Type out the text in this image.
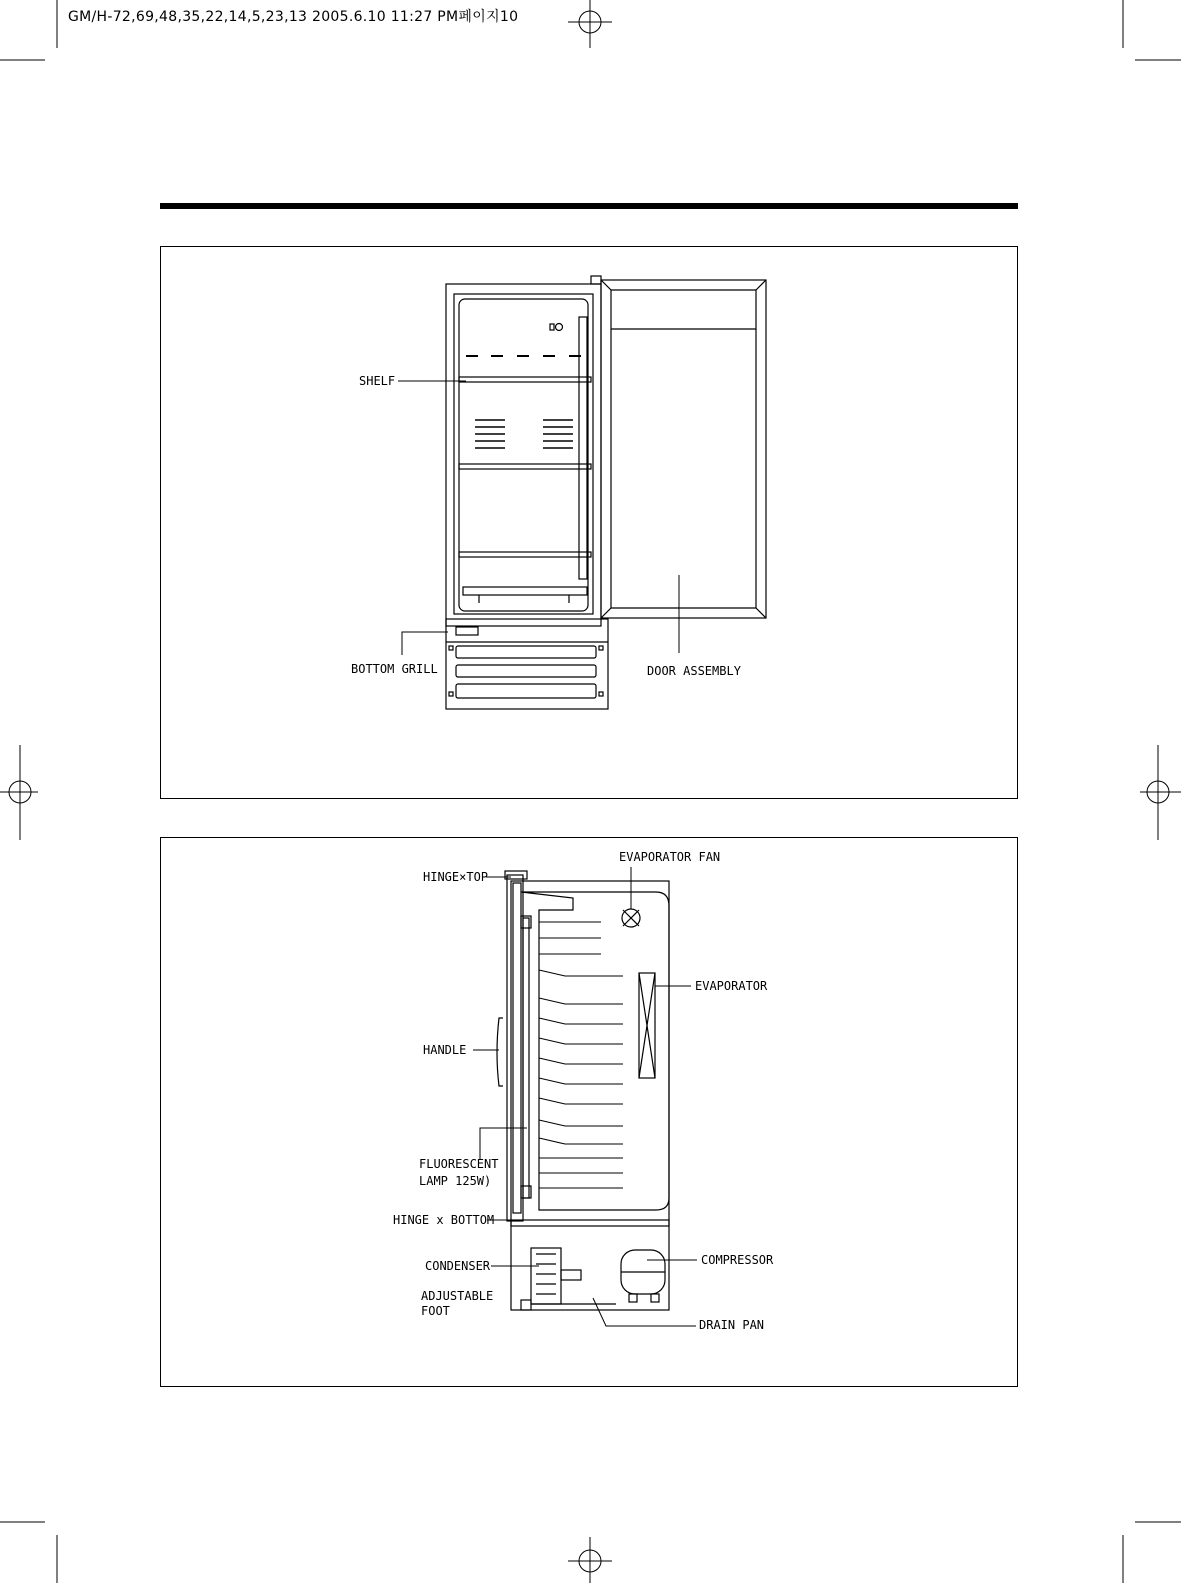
GM/H-72,69,48,35,22,14,5,23,13 2005.6.10 11:27 PM페이지10
SHELF
BOTTOM GRILL	DOOR ASSEMBLY
HINGE×TOP
EVAPORATOR FAN
EVAPORATOR
HANDLE
FLUORESCENT
LAMP 125W)
HINGE x BOTTOM
CONDENSER	COMPRESSOR
ADJUSTABLE
FOOT
DRAIN PAN
